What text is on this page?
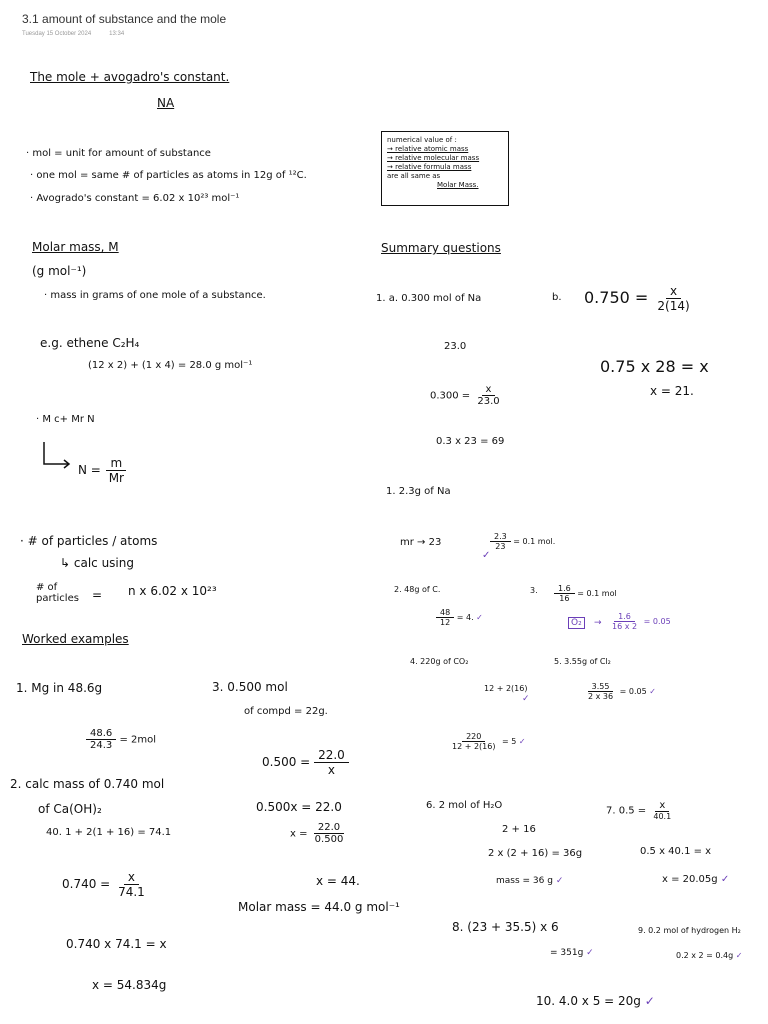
3.1 amount of substance and the mole
Tuesday 15 October 2024	13:34
The mole + avogadro's constant.
NA
· mol = unit for amount of substance
· one mol = same # of particles as atoms in 12g of ¹²C.
· Avogrado's constant = 6.02 x 10²³ mol⁻¹
Molar mass, M
(g mol⁻¹)
· mass in grams of one mole of a substance.
e.g. ethene C₂H₄
(12 x 2) + (1 x 4) = 28.0 g mol⁻¹
· M c+ Mr N
$N = \frac{m}{Mr}$
· # of particles / atoms
↳ calc using
# of particles = n x 6.02 x 10²³
Worked examples
1. Mg in 48.6g
$\frac{48.6}{24.3} = 2mol$
2. calc mass of 0.740 mol
of Ca(OH)₂
40. 1 + 2(1 + 16) = 74.1
$0.740 = \frac{x}{74.1}$
0.740 x 74.1 = x
x = 54.834g
3. 0.500 mol
of compd = 22g.
$0.500 = \frac{22.0}{x}$
0.500x = 22.0
$x = \frac{22.0}{0.500}$
x = 44.
Molar mass = 44.0 g mol⁻¹
numerical value of :
→ relative atomic mass
→ relative molecular mass
→ relative formula mass
are all same as
Molar Mass.
Summary questions
1. a. 0.300 mol of Na
23.0
$0.300 = \frac{x}{23.0}$
0.3 x 23 = 69
b. $0.750 = \frac{x}{2(14)}$
0.75 x 28 = x
x = 21.
1. 2.3g of Na
mr → 23	$\frac{2.3}{23} = 0.1$ mol.
✓
2. 48g of C.
$\frac{48}{12} = 4$. ✓
3. $\frac{1.6}{16} = 0.1$ mol
O₂	→ $\frac{1.6}{16 x 2} = 0.05$
4. 220g of CO₂
12 + 2(16)
✓
$\frac{220}{12 + 2(16)} = 5$ ✓
5. 3.55g of Cl₂
$\frac{3.55}{2 x 36} = 0.05$ ✓
6. 2 mol of H₂O
2 + 16
2 x (2 + 16) = 36g
mass = 36 g ✓
7. $0.5 = \frac{x}{40.1}$
0.5 x 40.1 = x
x = 20.05g ✓
8. (23 + 35.5) x 6
= 351g ✓
9. 0.2 mol of hydrogen H₂
0.2 x 2 = 0.4g ✓
10. 4.0 x 5 = 20g ✓
